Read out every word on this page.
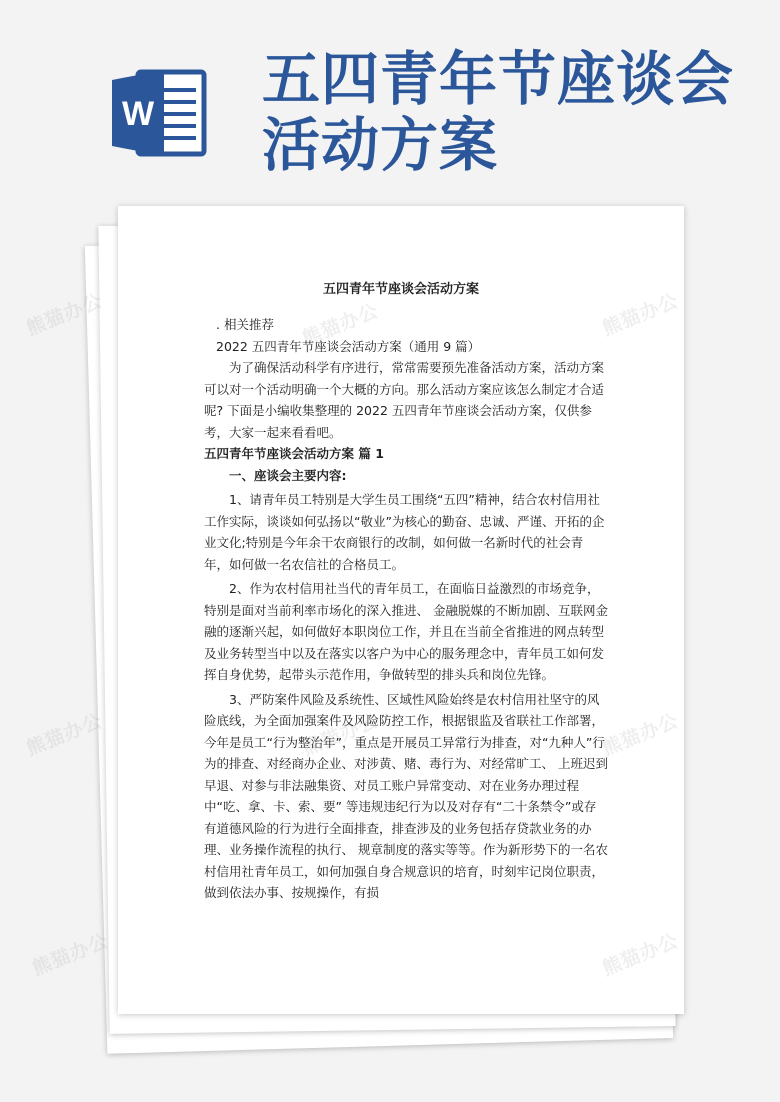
W
五四青年节座谈会
活动方案
五四青年节座谈会活动方案

. 相关推荐

2022 五四青年节座谈会活动方案（通用 9 篇）

为了确保活动科学有序进行，常常需要预先准备活动方案，活动方案可以对一个活动明确一个大概的方向。那么活动方案应该怎么制定才合适呢? 下面是小编收集整理的 2022 五四青年节座谈会活动方案，仅供参考，大家一起来看看吧。

五四青年节座谈会活动方案 篇 1

一、座谈会主要内容:

1、请青年员工特别是大学生员工围绕“五四”精神，结合农村信用社工作实际，谈谈如何弘扬以“敬业”为核心的勤奋、忠诚、严谨、开拓的企业文化;特别是今年余干农商银行的改制，如何做一名新时代的社会青年，如何做一名农信社的合格员工。

2、作为农村信用社当代的青年员工，在面临日益激烈的市场竞争，特别是面对当前利率市场化的深入推进、 金融脱媒的不断加剧、互联网金融的逐渐兴起，如何做好本职岗位工作，并且在当前全省推进的网点转型及业务转型当中以及在落实以客户为中心的服务理念中，青年员工如何发挥自身优势，起带头示范作用，争做转型的排头兵和岗位先锋。

3、严防案件风险及系统性、区域性风险始终是农村信用社坚守的风险底线，为全面加强案件及风险防控工作，根据银监及省联社工作部署，今年是员工“行为整治年”，重点是开展员工异常行为排查，对“九种人”行为的排查、对经商办企业、对涉黄、赌、毒行为、对经常旷工、 上班迟到早退、对参与非法融集资、对员工账户异常变动、对在业务办理过程中“吃、拿、卡、索、要” 等违规违纪行为以及对存有“二十条禁令”或存有道德风险的行为进行全面排查，排查涉及的业务包括存贷款业务的办理、业务操作流程的执行、 规章制度的落实等等。作为新形势下的一名农村信用社青年员工，如何加强自身合规意识的培育，时刻牢记岗位职责，做到依法办事、按规操作，有损

熊猫办公
熊猫办公
熊猫办公
